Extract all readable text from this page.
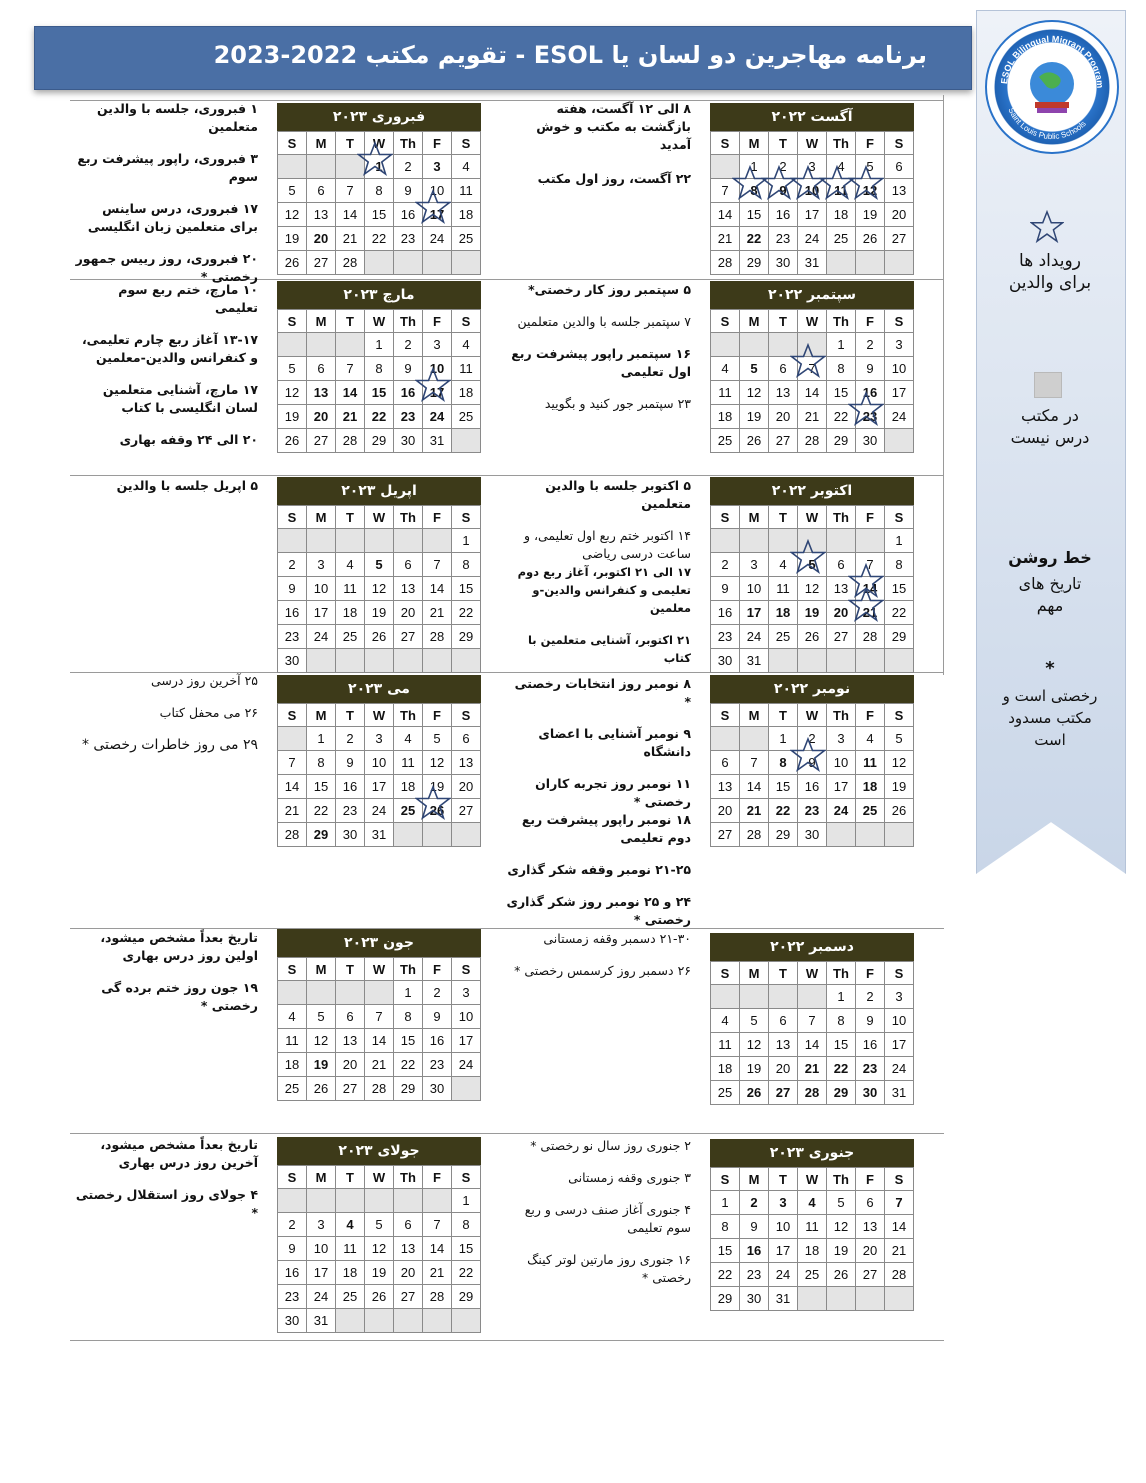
برنامه مهاجرین دو لسان یا ESOL - تقویم مکتب 2022-2023
ESOL Bilingual Migrant Program
Saint Louis Public Schools
رویداد ها برای والدین
در مکتب درس نیست
خط روشن
تاریخ های مهم
*
رخصتی است و مکتب مسدود است
آگست ۲۰۲۲
S	M	T	W	Th	F	S
	1	2	3	4	5	6
7	8	9	10	11	12	13
14	15	16	17	18	19	20
21	22	23	24	25	26	27
28	29	30	31			
سپتمبر ۲۰۲۲
S	M	T	W	Th	F	S
				1	2	3
4	5	6	7	8	9	10
11	12	13	14	15	16	17
18	19	20	21	22	23	24
25	26	27	28	29	30	
اکتوبر ۲۰۲۲
S	M	T	W	Th	F	S
						1
2	3	4	5	6	7	8
9	10	11	12	13	14	15
16	17	18	19	20	21	22
23	24	25	26	27	28	29
30	31					
نومبر ۲۰۲۲
S	M	T	W	Th	F	S
		1	2	3	4	5
6	7	8	9	10	11	12
13	14	15	16	17	18	19
20	21	22	23	24	25	26
27	28	29	30			
دسمبر ۲۰۲۲
S	M	T	W	Th	F	S
				1	2	3
4	5	6	7	8	9	10
11	12	13	14	15	16	17
18	19	20	21	22	23	24
25	26	27	28	29	30	31
جنوری ۲۰۲۳
S	M	T	W	Th	F	S
1	2	3	4	5	6	7
8	9	10	11	12	13	14
15	16	17	18	19	20	21
22	23	24	25	26	27	28
29	30	31				
فبروری ۲۰۲۳
S	M	T	W	Th	F	S
			1	2	3	4
5	6	7	8	9	10	11
12	13	14	15	16	17	18
19	20	21	22	23	24	25
26	27	28				
مارچ ۲۰۲۳
S	M	T	W	Th	F	S
			1	2	3	4
5	6	7	8	9	10	11
12	13	14	15	16	17	18
19	20	21	22	23	24	25
26	27	28	29	30	31	
اپریل ۲۰۲۳
S	M	T	W	Th	F	S
						1
2	3	4	5	6	7	8
9	10	11	12	13	14	15
16	17	18	19	20	21	22
23	24	25	26	27	28	29
30						
می ۲۰۲۳
S	M	T	W	Th	F	S
	1	2	3	4	5	6
7	8	9	10	11	12	13
14	15	16	17	18	19	20
21	22	23	24	25	26	27
28	29	30	31			
جون ۲۰۲۳
S	M	T	W	Th	F	S
				1	2	3
4	5	6	7	8	9	10
11	12	13	14	15	16	17
18	19	20	21	22	23	24
25	26	27	28	29	30	
جولای ۲۰۲۳
S	M	T	W	Th	F	S
						1
2	3	4	5	6	7	8
9	10	11	12	13	14	15
16	17	18	19	20	21	22
23	24	25	26	27	28	29
30	31					
۸ الی ۱۲ آگست، هفته بازگشت به مکتب و خوش آمدید
۲۲ آگست، روز اول مکتب
۵ سپتمبر روز کار رخصتی*
۷ سپتمبر جلسه با والدین متعلمین
۱۶ سپتمبر راپور پیشرفت ربع اول تعلیمی
۲۳ سپتمبر جور کنید و بگویید
۵ اکتوبر جلسه با والدین متعلمین
۱۴ اکتوبر ختم ربع اول تعلیمی، و ساعت درسی ریاضی
۱۷ الی ۲۱ اکتوبر، آغاز ربع دوم تعلیمی و کنفرانس والدین-و معلمین
۲۱ اکتوبر، آشنایی متعلمین با کتاب
۸ نومبر روز انتخابات رخصتی *
۹ نومبر آشنایی با اعضای دانشگاه
۱۱ نومبر روز تجربه کاران رخصتی *
۱۸ نومبر راپور پیشرفت ربع دوم تعلیمی
۲۱-۲۵ نومبر وقفه شکر گذاری
۲۴ و ۲۵ نومبر روز شکر گذاری رخصتی *
۲۱-۳۰ دسمبر وقفه زمستانی
۲۶ دسمبر روز کرسمس رخصتی *
۲ جنوری روز سال نو رخصتی *
۳ جنوری وقفه زمستانی
۴ جنوری آغاز صنف درسی و ربع سوم تعلیمی
۱۶ جنوری روز مارتین لوتر کینگ رخصتی *
۱ فبروری، جلسه با والدین متعلمین
۳ فبروری، راپور پیشرفت ربع سوم
۱۷ فبروری، درس ساینس برای متعلمین زبان انگلیسی
۲۰ فبروری، روز رییس جمهور رخصتی *
۱۰ مارچ، ختم ربع سوم تعلیمی
۱۳-۱۷ آغاز ربع چارم تعلیمی، و کنفرانس والدین-معلمین
۱۷ مارچ، آشنایی متعلمین لسان انگلیسی با کتاب
۲۰ الی ۲۴ وقفه بهاری
۵ اپریل جلسه با والدین
۲۵ آخرین روز درسی
۲۶ می محفل کتاب
۲۹ می روز خاطرات رخصتی *
تاریخ بعداً مشخص میشود، اولین روز درس بهاری
۱۹ جون روز ختم برده گی رخصتی *
تاریخ بعداً مشخص میشود، آخرین روز درس بهاری
۴ جولای روز استقلال رخصتی *
